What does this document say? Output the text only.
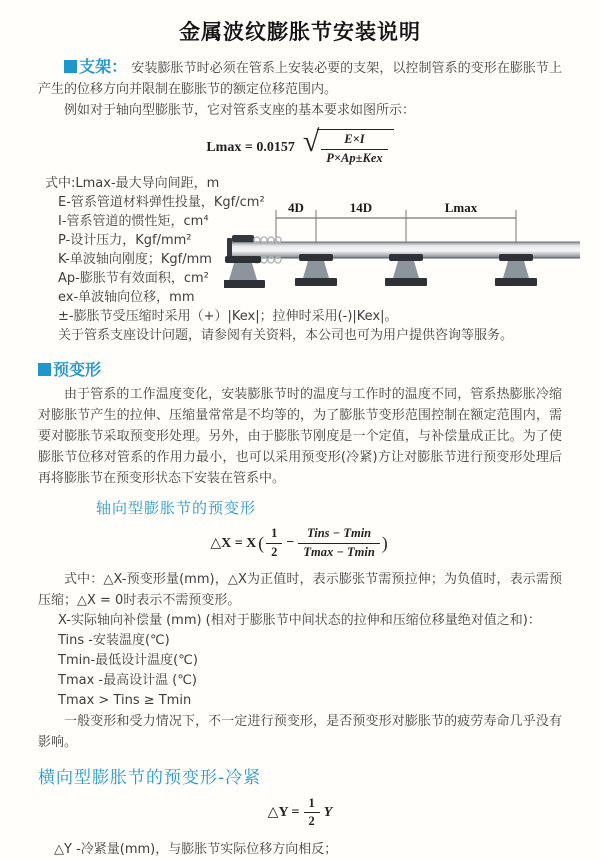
金属波纹膨胀节安装说明

支架： 安装膨胀节时必须在管系上安装必要的支架，以控制管系的变形在膨胀节上产生的位移方向并限制在膨胀节的额定位移范围内。

例如对于轴向型膨胀节，它对管系支座的基本要求如图所示：

Lmax = 0.0157 √ $\frac{E\times I}{\text{P×Ap±Kex}}$
式中:Lmax-最大导向间距，m
E-管系管道材料弹性投量，Kgf/cm²
I-管系管道的惯性矩，cm⁴
P-设计压力，Kgf/mm²
K-单波轴向刚度；Kgf/mm
Ap-膨胀节有效面积，cm²
ex-单波轴向位移，mm
±-膨胀节受压缩时采用（+）|Kex|；拉伸时采用(-)|Kex|。
关于管系支座设计问题，请参阅有关资料，本公司也可为用户提供咨询等服务。
4D	14D	Lmax
预变形

由于管系的工作温度变化，安装膨胀节时的温度与工作时的温度不同，管系热膨胀冷缩对膨胀节产生的拉伸、压缩量常常是不均等的，为了膨胀节变形范围控制在额定范围内，需要对膨胀节采取预变形处理。另外，由于膨胀节刚度是一个定值，与补偿量成正比。为了使膨胀节位移对管系的作用力最小，也可以采用预变形(冷紧)方让对膨胀节进行预变形处理后再将膨胀节在预变形状态下安装在管系中。

轴向型膨胀节的预变形
△X = X ( $\frac{1}{2} - \frac{\text{Tins − Tmin}}{Tmax - Tmin}$ )

式中：△X-预变形量(mm)，△X为正值时，表示膨张节需预拉伸；为负值时，表示需预压缩；△X = 0时表示不需预变形。

X-实际轴向补偿量 (mm) (相对于膨胀节中间状态的拉伸和压缩位移量绝对值之和)：
Tins -安装温度(℃)
Tmin-最低设计温度(℃)
Tmax -最高设计温 (℃)
Tmax > Tins ≥ Tmin

一般变形和受力情况下，不一定进行预变形，是否预变形对膨胀节的疲劳寿命几乎没有影响。

横向型膨胀节的预变形-冷紧
△Y = $\frac{1}{2}$ Y
△Y -冷紧量(mm)，与膨胀节实际位移方向相反；
